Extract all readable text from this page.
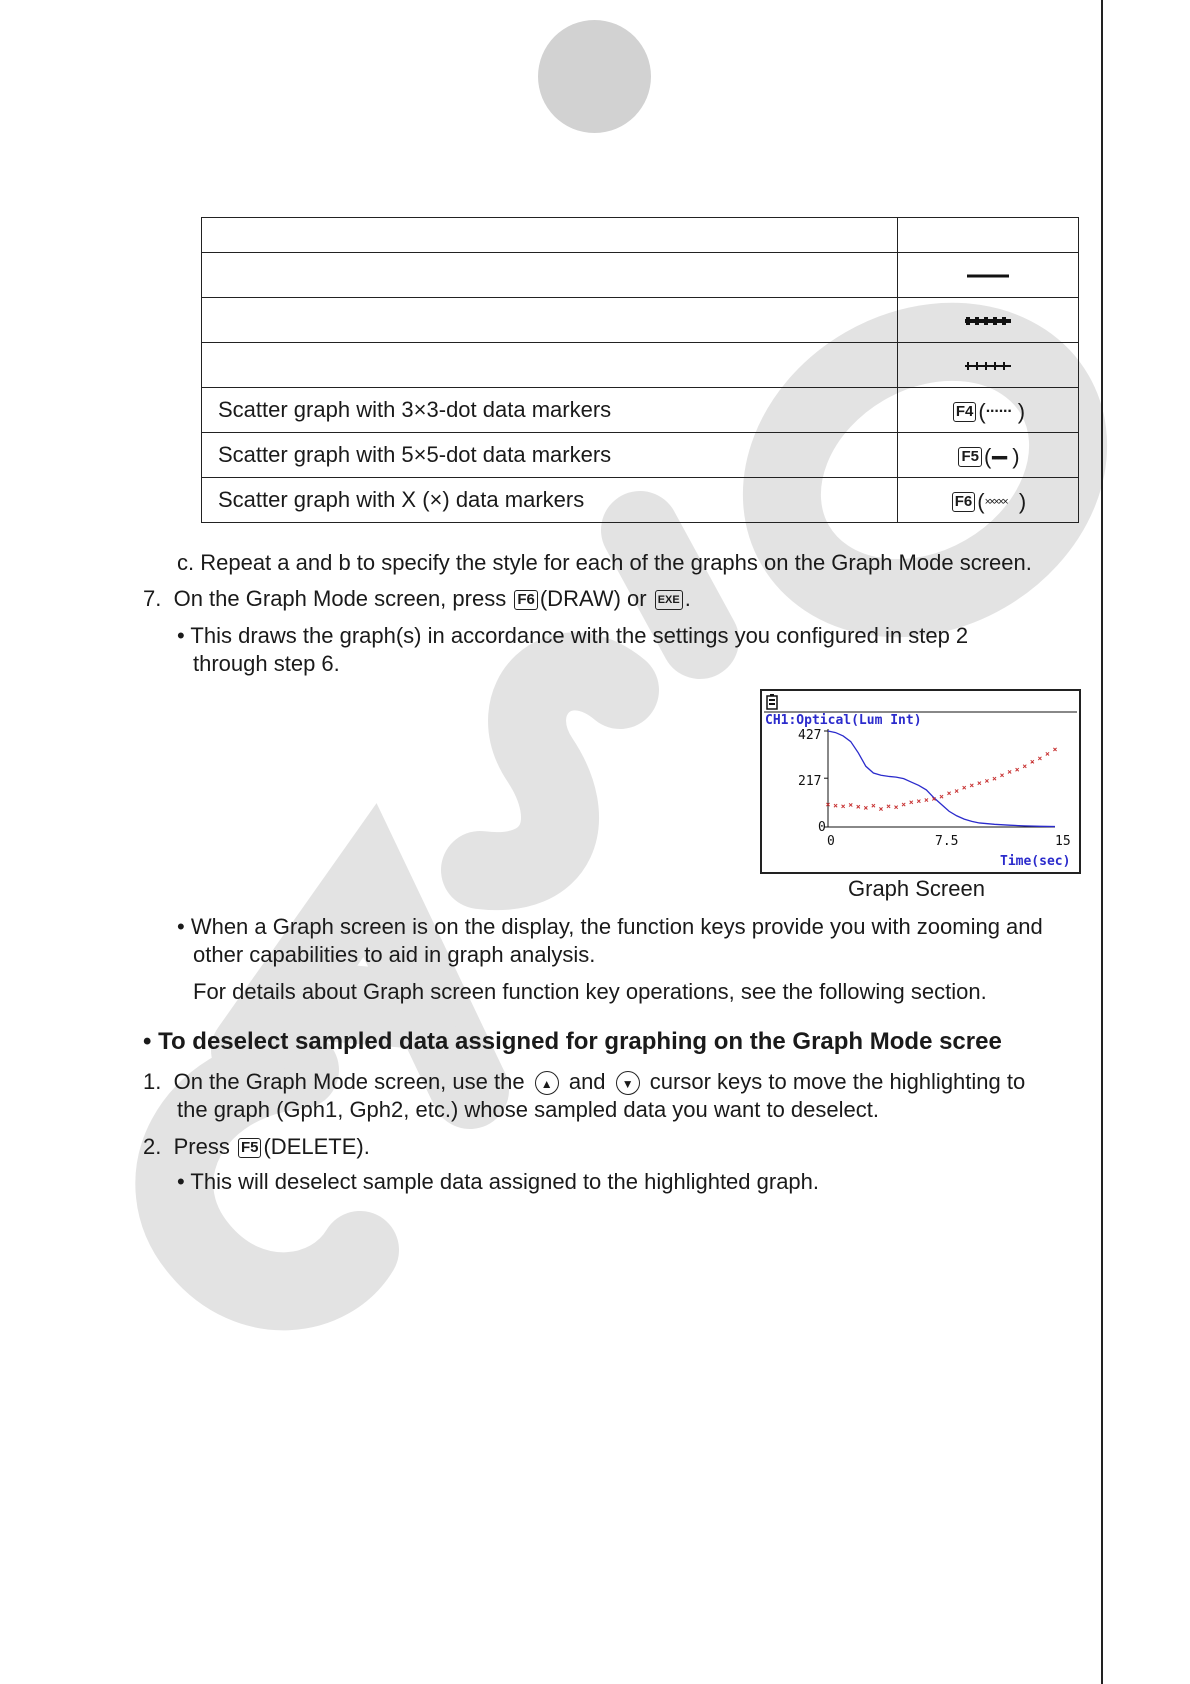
Scatter graph with 3×3-dot data markers	F4 ( ······ )
Scatter graph with 5×5-dot data markers	F5 ( ▪▪▪▪▪ )
Scatter graph with X (×) data markers	F6 ( ××××× )
c. Repeat a and b to specify the style for each of the graphs on the Graph Mode screen.
7. On the Graph Mode screen, press F6 (DRAW) or EXE .
• This draws the graph(s) in accordance with the settings you configured in step 2
through step 6.
CH1:Optical(Lum Int)
427
217
0
0	7.5	15
Time(sec)
Graph Screen
• When a Graph screen is on the display, the function keys provide you with zooming and
other capabilities to aid in graph analysis.
For details about Graph screen function key operations, see the following section.
• To deselect sampled data assigned for graphing on the Graph Mode scree
1. On the Graph Mode screen, use the ▲ and ▼ cursor keys to move the highlighting to
the graph (Gph1, Gph2, etc.) whose sampled data you want to deselect.
2. Press F5 (DELETE).
• This will deselect sample data assigned to the highlighted graph.
